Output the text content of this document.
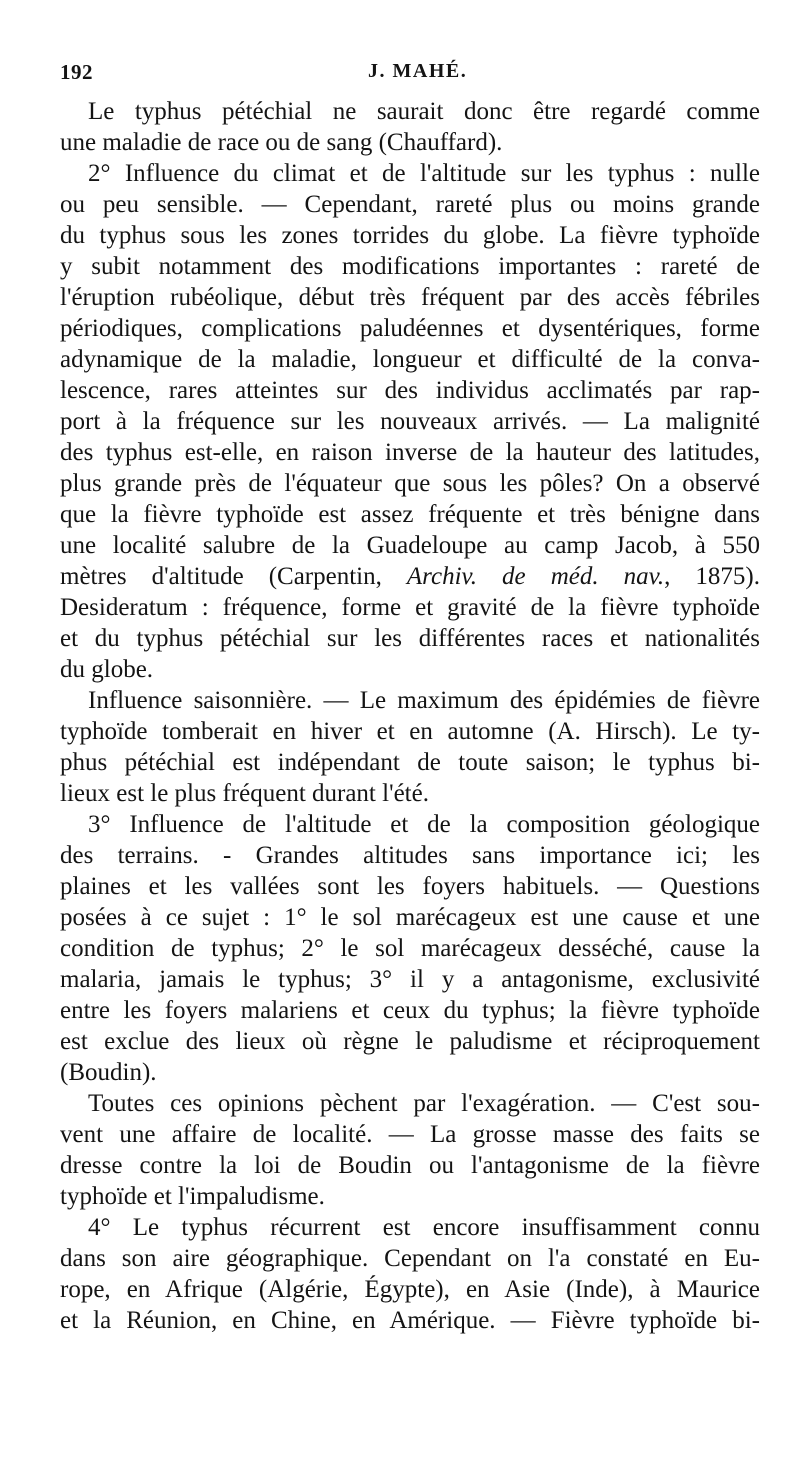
192	J. MAHÉ.
Le typhus pétéchial ne saurait donc être regardé comme
une maladie de race ou de sang (Chauffard).
2° Influence du climat et de l'altitude sur les typhus : nulle
ou peu sensible. — Cependant, rareté plus ou moins grande
du typhus sous les zones torrides du globe. La fièvre typhoïde
y subit notamment des modifications importantes : rareté de
l'éruption rubéolique, début très fréquent par des accès fébriles
périodiques, complications paludéennes et dysentériques, forme
adynamique de la maladie, longueur et difficulté de la conva-
lescence, rares atteintes sur des individus acclimatés par rap-
port à la fréquence sur les nouveaux arrivés. — La malignité
des typhus est-elle, en raison inverse de la hauteur des latitudes,
plus grande près de l'équateur que sous les pôles? On a observé
que la fièvre typhoïde est assez fréquente et très bénigne dans
une localité salubre de la Guadeloupe au camp Jacob, à 550
mètres d'altitude (Carpentin, Archiv. de méd. nav., 1875).
Desideratum : fréquence, forme et gravité de la fièvre typhoïde
et du typhus pétéchial sur les différentes races et nationalités
du globe.
Influence saisonnière. — Le maximum des épidémies de fièvre
typhoïde tomberait en hiver et en automne (A. Hirsch). Le ty-
phus pétéchial est indépendant de toute saison; le typhus bi-
lieux est le plus fréquent durant l'été.
3° Influence de l'altitude et de la composition géologique
des terrains. - Grandes altitudes sans importance ici; les
plaines et les vallées sont les foyers habituels. — Questions
posées à ce sujet : 1° le sol marécageux est une cause et une
condition de typhus; 2° le sol marécageux desséché, cause la
malaria, jamais le typhus; 3° il y a antagonisme, exclusivité
entre les foyers malariens et ceux du typhus; la fièvre typhoïde
est exclue des lieux où règne le paludisme et réciproquement
(Boudin).
Toutes ces opinions pèchent par l'exagération. — C'est sou-
vent une affaire de localité. — La grosse masse des faits se
dresse contre la loi de Boudin ou l'antagonisme de la fièvre
typhoïde et l'impaludisme.
4° Le typhus récurrent est encore insuffisamment connu
dans son aire géographique. Cependant on l'a constaté en Eu-
rope, en Afrique (Algérie, Égypte), en Asie (Inde), à Maurice
et la Réunion, en Chine, en Amérique. — Fièvre typhoïde bi-
